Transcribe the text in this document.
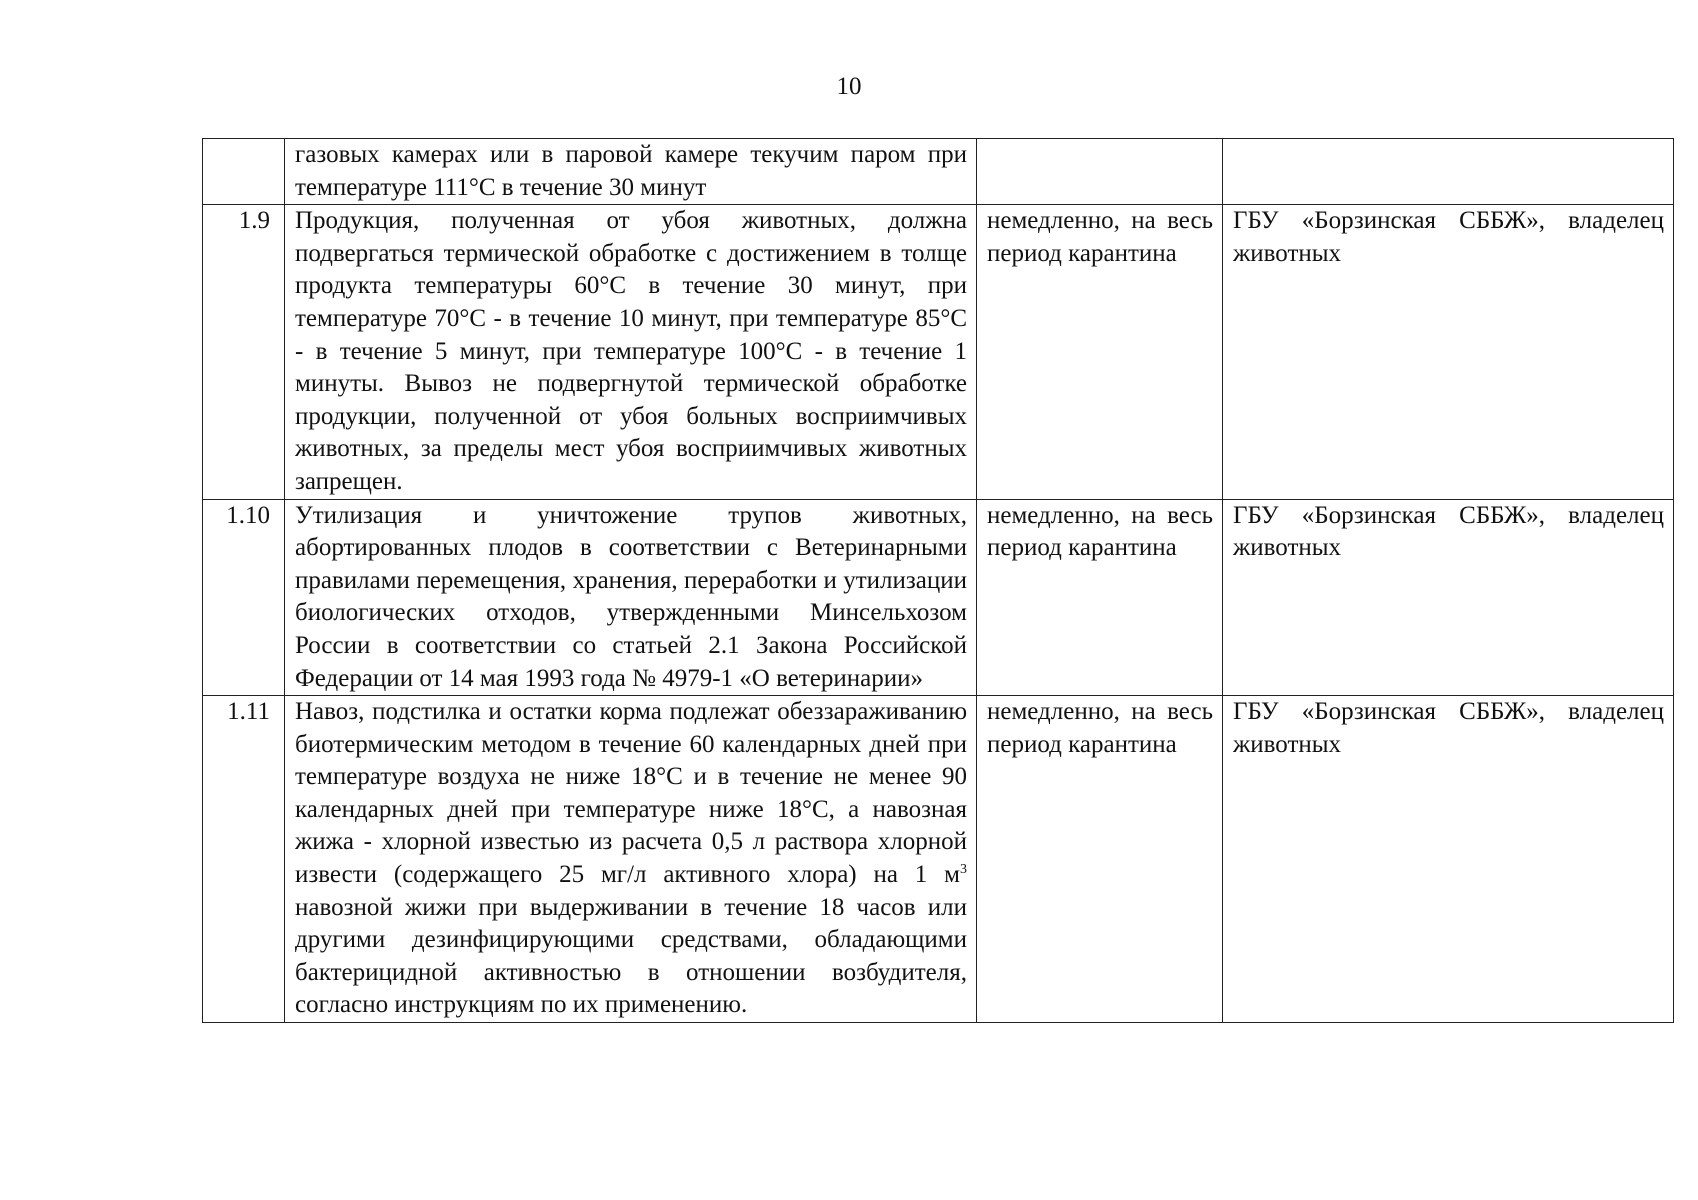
10
	газовых камерах или в паровой камере текучим паром при температуре 111°С в течение 30 минут		
1.9	Продукция, полученная от убоя животных, должна подвергаться термической обработке с достижением в толще продукта температуры 60°С в течение 30 минут, при температуре 70°С - в течение 10 минут, при температуре 85°С - в течение 5 минут, при температуре 100°С - в течение 1 минуты. Вывоз не подвергнутой термической обработке продукции, полученной от убоя больных восприимчивых животных, за пределы мест убоя восприимчивых животных запрещен.	немедленно, на весь период карантина	ГБУ «Борзинская СББЖ», владелец животных
1.10	Утилизация и уничтожение трупов животных, абортированных плодов в соответствии с Ветеринарными правилами перемещения, хранения, переработки и утилизации биологических отходов, утвержденными Минсельхозом России в соответствии со статьей 2.1 Закона Российской Федерации от 14 мая 1993 года № 4979-1 «О ветеринарии»	немедленно, на весь период карантина	ГБУ «Борзинская СББЖ», владелец животных
1.11	Навоз, подстилка и остатки корма подлежат обеззараживанию биотермическим методом в течение 60 календарных дней при температуре воздуха не ниже 18°С и в течение не менее 90 календарных дней при температуре ниже 18°С, а навозная жижа - хлорной известью из расчета 0,5 л раствора хлорной извести (содержащего 25 мг/л активного хлора) на 1 $м^3$ навозной жижи при выдерживании в течение 18 часов или другими дезинфицирующими средствами, обладающими бактерицидной активностью в отношении возбудителя, согласно инструкциям по их применению.	немедленно, на весь период карантина	ГБУ «Борзинская СББЖ», владелец животных
